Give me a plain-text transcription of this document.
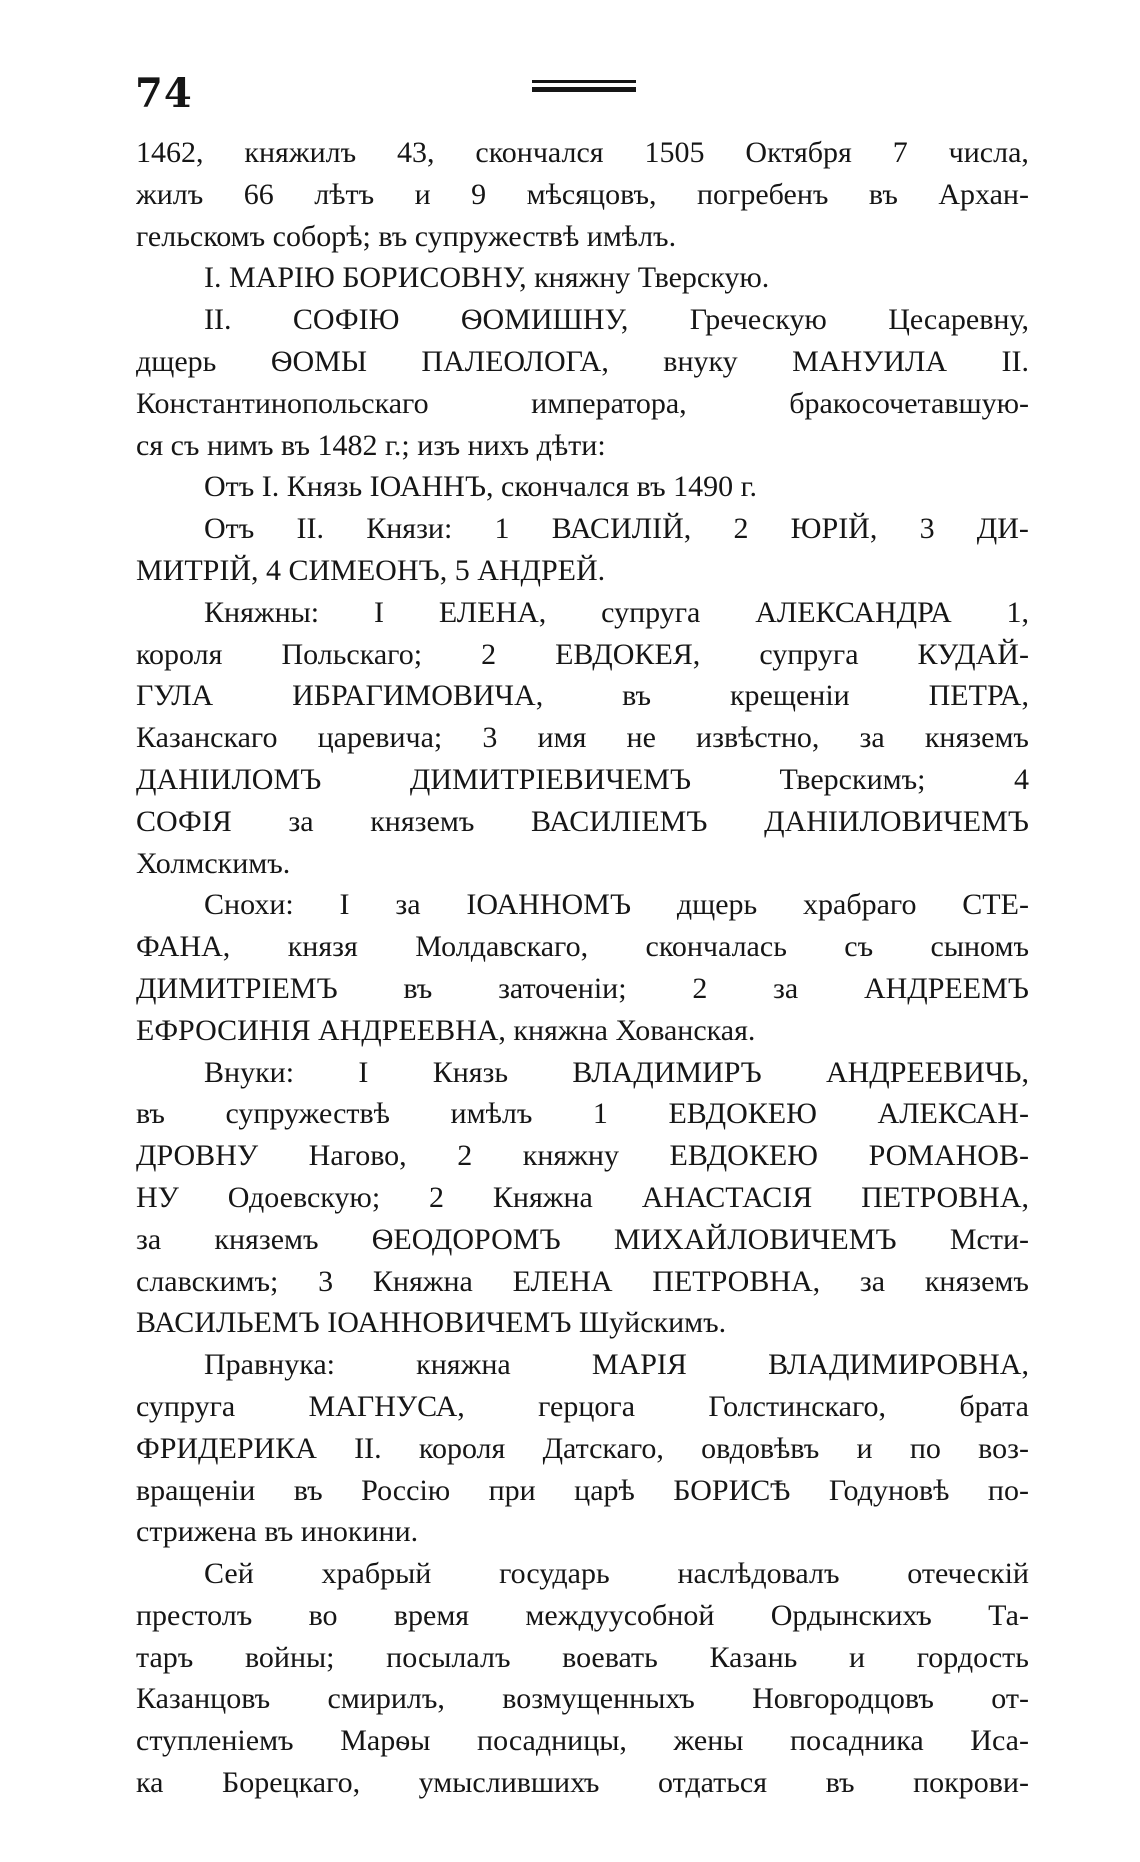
74
1462, княжилъ 43, скончался 1505 Октября 7 числа,
жилъ 66 лѣтъ и 9 мѣсяцовъ, погребенъ въ Архан-
гельскомъ соборѣ; въ супружествѣ имѣлъ.
I. МАРІЮ БОРИСОВНУ, княжну Тверскую.
II. СОФІЮ ѲОМИШНУ, Греческую Цесаревну,
дщерь ѲОМЫ ПАЛЕОЛОГА, внуку МАНУИЛА II.
Константинопольскаго	императора,	бракосочетавшую-
ся съ нимъ въ 1482 г.; изъ нихъ дѣти:
Отъ I. Князь ІОАННЪ, скончался въ 1490 г.
Отъ II. Князи: 1 ВАСИЛІЙ, 2 ЮРІЙ, 3 ДИ-
МИТРІЙ, 4 СИМЕОНЪ, 5 АНДРЕЙ.
Княжны: I ЕЛЕНА, супруга АЛЕКСАНДРА 1,
короля Польскаго; 2 ЕВДОКЕЯ, супруга КУДАЙ-
ГУЛА	ИБРАГИМОВИЧА,	въ	крещеніи	ПЕТРА,
Казанскаго царевича; 3 имя не извѣстно, за княземъ
ДАНІИЛОМЪ	ДИМИТРІЕВИЧЕМЪ	Тверскимъ;	4
СОФІЯ за княземъ ВАСИЛІЕМЪ ДАНІИЛОВИЧЕМЪ
Холмскимъ.
Снохи: I за ІОАННОМЪ дщерь храбраго СТЕ-
ФАНА, князя Молдавскаго, скончалась съ сыномъ
ДИМИТРІЕМЪ въ заточеніи; 2 за АНДРЕЕМЪ
ЕФРОСИНІЯ АНДРЕЕВНА, княжна Хованская.
Внуки: I Князь ВЛАДИМИРЪ АНДРЕЕВИЧЬ,
въ супружествѣ имѣлъ 1 ЕВДОКЕЮ АЛЕКСАН-
ДРОВНУ Нагово, 2 княжну ЕВДОКЕЮ РОМАНОВ-
НУ Одоевскую; 2 Княжна АНАСТАСІЯ ПЕТРОВНА,
за княземъ ѲЕОДОРОМЪ МИХАЙЛОВИЧЕМЪ Мсти-
славскимъ; 3 Княжна ЕЛЕНА ПЕТРОВНА, за княземъ
ВАСИЛЬЕМЪ ІОАННОВИЧЕМЪ Шуйскимъ.
Правнука:	княжна	МАРІЯ	ВЛАДИМИРОВНА,
супруга МАГНУСА, герцога Голстинскаго, брата
ФРИДЕРИКА II. короля Датскаго, овдовѣвъ и по воз-
вращеніи въ Россію при царѣ БОРИСѢ Годуновѣ по-
стрижена въ инокини.
Сей храбрый государь наслѣдовалъ отеческій
престолъ во время междуусобной Ордынскихъ Та-
таръ войны; посылалъ воевать Казань и гордость
Казанцовъ смирилъ, возмущенныхъ Новгородцовъ от-
ступленіемъ Марѳы посадницы, жены посадника Иса-
ка Борецкаго, умыслившихъ отдаться въ покрови-
